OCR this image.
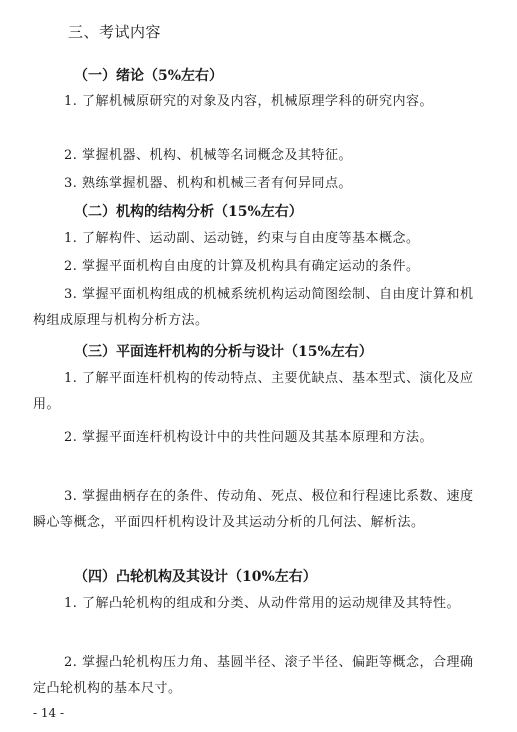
三、考试内容
（一）绪论（5%左右）
1. 了解机械原研究的对象及内容，机械原理学科的研究内容。
2. 掌握机器、机构、机械等名词概念及其特征。
3. 熟练掌握机器、机构和机械三者有何异同点。
（二）机构的结构分析（15%左右）
1. 了解构件、运动副、运动链，约束与自由度等基本概念。
2. 掌握平面机构自由度的计算及机构具有确定运动的条件。
3. 掌握平面机构组成的机械系统机构运动简图绘制、自由度计算和机构组成原理与机构分析方法。
（三）平面连杆机构的分析与设计（15%左右）
1. 了解平面连杆机构的传动特点、主要优缺点、基本型式、演化及应用。
2. 掌握平面连杆机构设计中的共性问题及其基本原理和方法。
3. 掌握曲柄存在的条件、传动角、死点、极位和行程速比系数、速度瞬心等概念，平面四杆机构设计及其运动分析的几何法、解析法。
（四）凸轮机构及其设计（10%左右）
1. 了解凸轮机构的组成和分类、从动件常用的运动规律及其特性。
2. 掌握凸轮机构压力角、基圆半径、滚子半径、偏距等概念，合理确定凸轮机构的基本尺寸。
- 14 -
